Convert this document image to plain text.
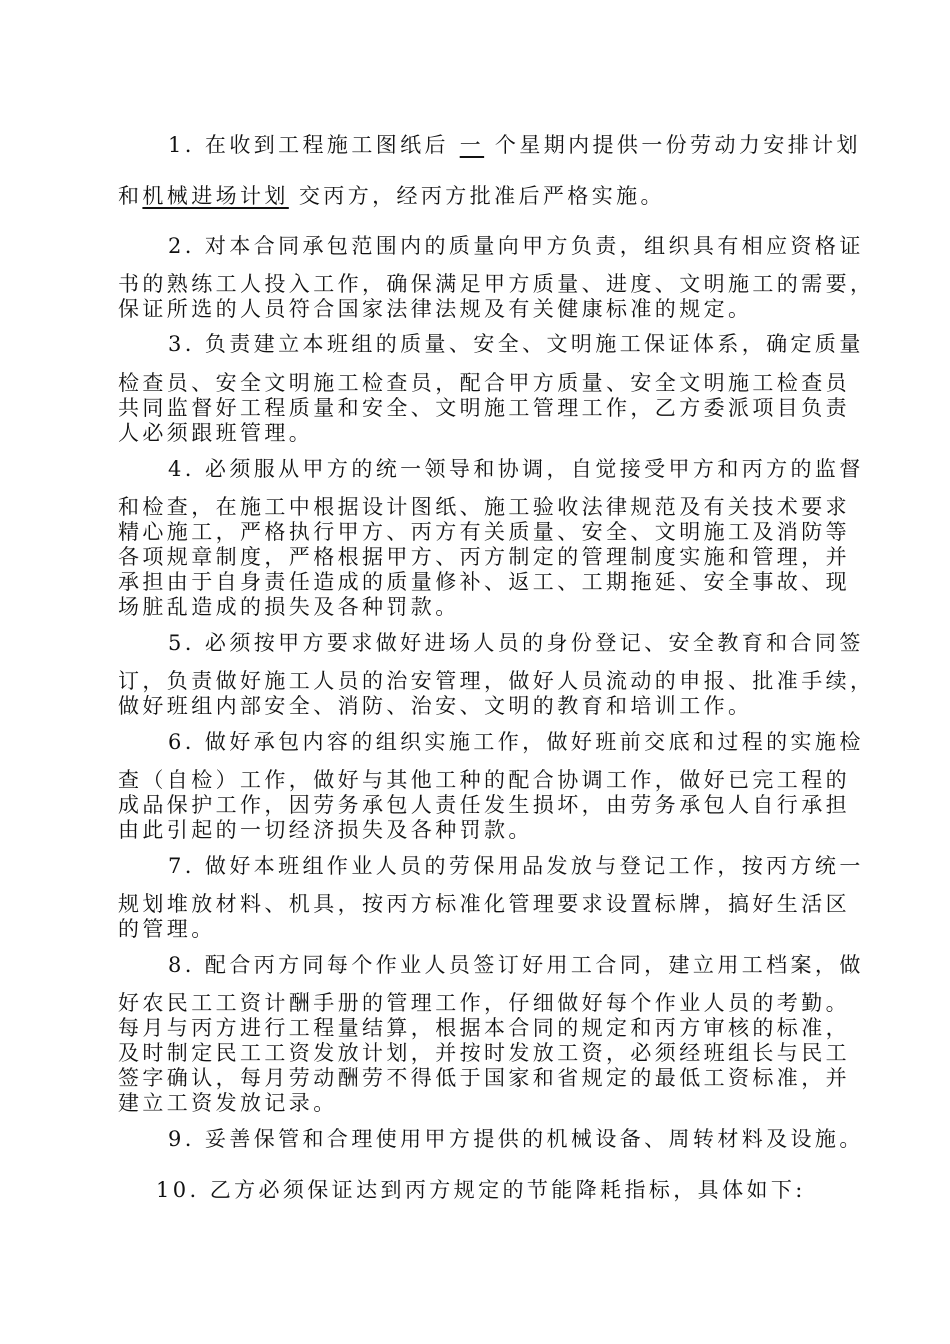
1. 在收到工程施工图纸后 一 个星期内提供一份劳动力安排计划
和机械进场计划 交丙方，经丙方批准后严格实施。
2. 对本合同承包范围内的质量向甲方负责，组织具有相应资格证
书的熟练工人投入工作，确保满足甲方质量、进度、文明施工的需要，
保证所选的人员符合国家法律法规及有关健康标准的规定。
3. 负责建立本班组的质量、安全、文明施工保证体系，确定质量
检查员、安全文明施工检查员，配合甲方质量、安全文明施工检查员
共同监督好工程质量和安全、文明施工管理工作，乙方委派项目负责
人必须跟班管理。
4. 必须服从甲方的统一领导和协调，自觉接受甲方和丙方的监督
和检查，在施工中根据设计图纸、施工验收法律规范及有关技术要求
精心施工，严格执行甲方、丙方有关质量、安全、文明施工及消防等
各项规章制度，严格根据甲方、丙方制定的管理制度实施和管理，并
承担由于自身责任造成的质量修补、返工、工期拖延、安全事故、现
场脏乱造成的损失及各种罚款。
5. 必须按甲方要求做好进场人员的身份登记、安全教育和合同签
订，负责做好施工人员的治安管理，做好人员流动的申报、批准手续，
做好班组内部安全、消防、治安、文明的教育和培训工作。
6. 做好承包内容的组织实施工作，做好班前交底和过程的实施检
查（自检）工作，做好与其他工种的配合协调工作，做好已完工程的
成品保护工作，因劳务承包人责任发生损坏，由劳务承包人自行承担
由此引起的一切经济损失及各种罚款。
7. 做好本班组作业人员的劳保用品发放与登记工作，按丙方统一
规划堆放材料、机具，按丙方标准化管理要求设置标牌，搞好生活区
的管理。
8. 配合丙方同每个作业人员签订好用工合同，建立用工档案，做
好农民工工资计酬手册的管理工作，仔细做好每个作业人员的考勤。
每月与丙方进行工程量结算，根据本合同的规定和丙方审核的标准，
及时制定民工工资发放计划，并按时发放工资，必须经班组长与民工
签字确认，每月劳动酬劳不得低于国家和省规定的最低工资标准，并
建立工资发放记录。
9. 妥善保管和合理使用甲方提供的机械设备、周转材料及设施。
10. 乙方必须保证达到丙方规定的节能降耗指标，具体如下:
